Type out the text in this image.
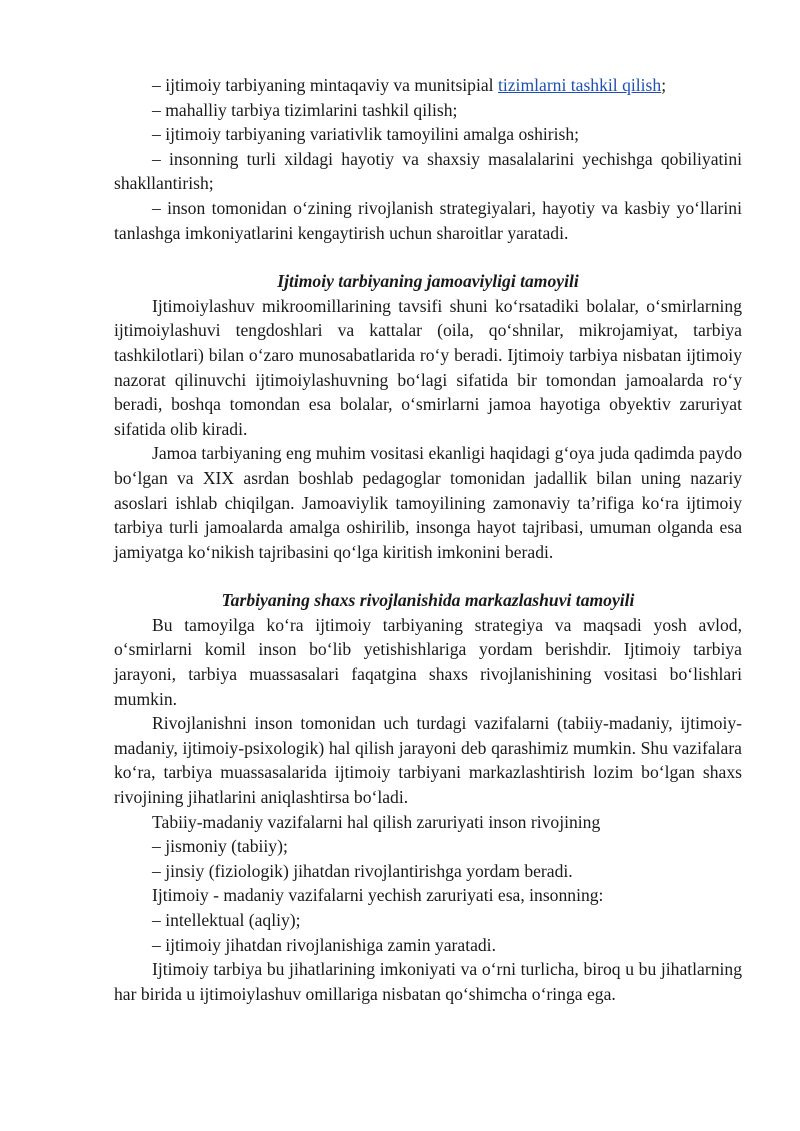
– ijtimoiy tarbiyaning mintaqaviy va munitsipial tizimlarni tashkil qilish;

– mahalliy tarbiya tizimlarini tashkil qilish;

– ijtimoiy tarbiyaning variativlik tamoyilini amalga oshirish;

– insonning turli xildagi hayotiy va shaxsiy masalalarini yechishga qobiliyatini shakllantirish;

– inson tomonidan o‘zining rivojlanish strategiyalari, hayotiy va kasbiy yo‘llarini tanlashga imkoniyatlarini kengaytirish uchun sharoitlar yaratadi.

Ijtimoiy tarbiyaning jamoaviyligi tamoyili

Ijtimoiylashuv mikroomillarining tavsifi shuni ko‘rsatadiki bolalar, o‘smirlarning ijtimoiylashuvi tengdoshlari va kattalar (oila, qo‘shnilar, mikrojamiyat, tarbiya tashkilotlari) bilan o‘zaro munosabatlarida ro‘y beradi. Ijtimoiy tarbiya nisbatan ijtimoiy nazorat qilinuvchi ijtimoiylashuvning bo‘lagi sifatida bir tomondan jamoalarda ro‘y beradi, boshqa tomondan esa bolalar, o‘smirlarni jamoa hayotiga obyektiv zaruriyat sifatida olib kiradi.

Jamoa tarbiyaning eng muhim vositasi ekanligi haqidagi g‘oya juda qadimda paydo bo‘lgan va XIX asrdan boshlab pedagoglar tomonidan jadallik bilan uning nazariy asoslari ishlab chiqilgan. Jamoaviylik tamoyilining zamonaviy ta’rifiga ko‘ra ijtimoiy tarbiya turli jamoalarda amalga oshirilib, insonga hayot tajribasi, umuman olganda esa jamiyatga ko‘nikish tajribasini qo‘lga kiritish imkonini beradi.

Tarbiyaning shaxs rivojlanishida markazlashuvi tamoyili

Bu tamoyilga ko‘ra ijtimoiy tarbiyaning strategiya va maqsadi yosh avlod, o‘smirlarni komil inson bo‘lib yetishishlariga yordam berishdir. Ijtimoiy tarbiya jarayoni, tarbiya muassasalari faqatgina shaxs rivojlanishining vositasi bo‘lishlari mumkin.

Rivojlanishni inson tomonidan uch turdagi vazifalarni (tabiiy-madaniy, ijtimoiy-madaniy, ijtimoiy-psixologik) hal qilish jarayoni deb qarashimiz mumkin. Shu vazifalara ko‘ra, tarbiya muassasalarida ijtimoiy tarbiyani markazlashtirish lozim bo‘lgan shaxs rivojining jihatlarini aniqlashtirsa bo‘ladi.

Tabiiy-madaniy vazifalarni hal qilish zaruriyati inson rivojining

– jismoniy (tabiiy);

– jinsiy (fiziologik) jihatdan rivojlantirishga yordam beradi.

Ijtimoiy - madaniy vazifalarni yechish zaruriyati esa, insonning:

– intellektual (aqliy);

– ijtimoiy jihatdan rivojlanishiga zamin yaratadi.

Ijtimoiy tarbiya bu jihatlarining imkoniyati va o‘rni turlicha, biroq u bu jihatlarning har birida u ijtimoiylashuv omillariga nisbatan qo‘shimcha o‘ringa ega.
